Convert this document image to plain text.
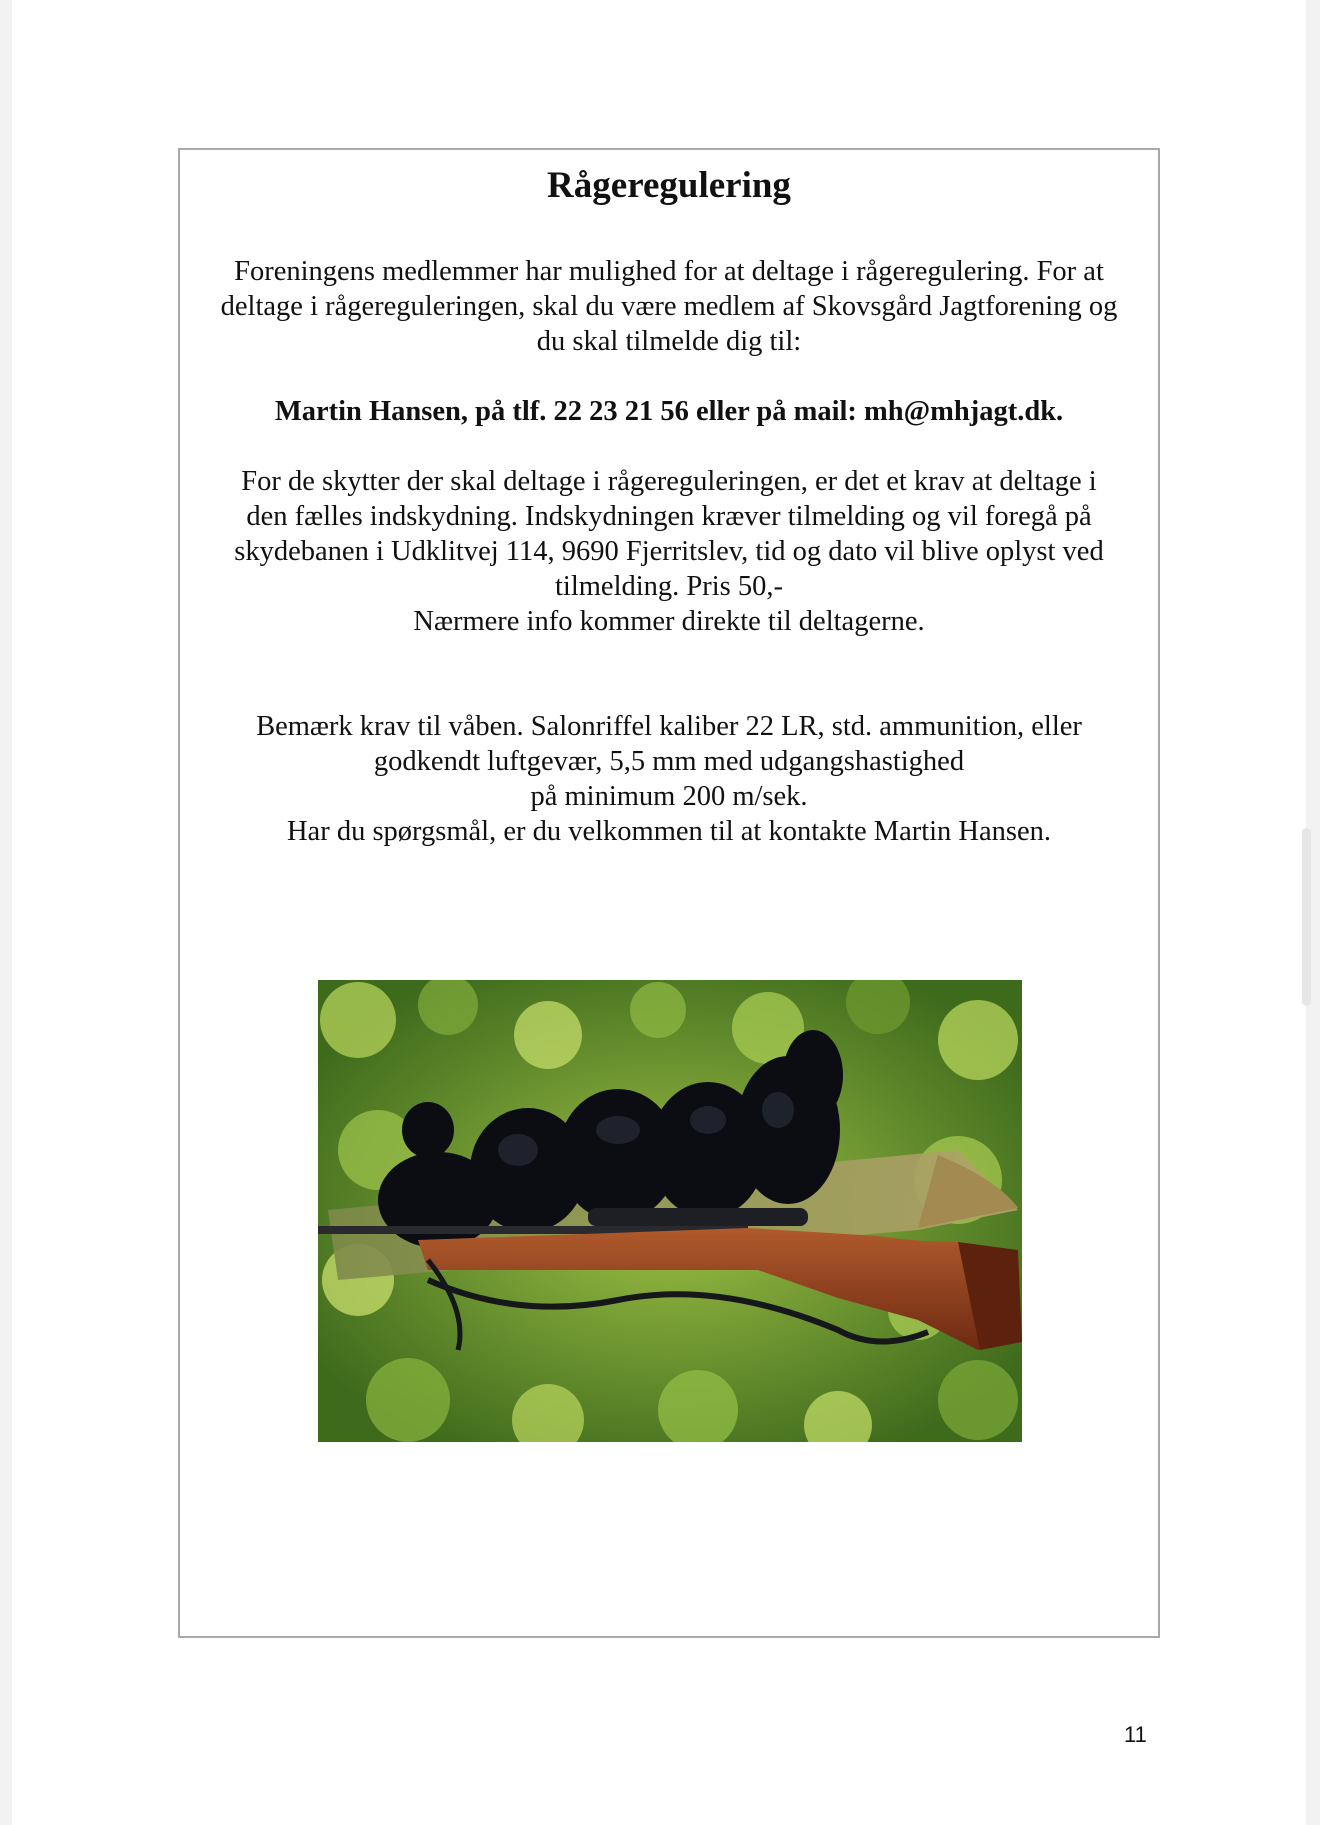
Rågeregulering
Foreningens medlemmer har mulighed for at deltage i rågeregulering. For at
deltage i rågereguleringen, skal du være medlem af Skovsgård Jagtforening og
du skal tilmelde dig til:
Martin Hansen, på tlf. 22 23 21 56 eller på mail: mh@mhjagt.dk.
For de skytter der skal deltage i rågereguleringen, er det et krav at deltage i
den fælles indskydning. Indskydningen kræver tilmelding og vil foregå på
skydebanen i Udklitvej 114, 9690 Fjerritslev, tid og dato vil blive oplyst ved
tilmelding. Pris 50,-
Nærmere info kommer direkte til deltagerne.
Bemærk krav til våben. Salonriffel kaliber 22 LR, std. ammunition, eller
godkendt luftgevær, 5,5 mm med udgangshastighed
på minimum 200 m/sek.
Har du spørgsmål, er du velkommen til at kontakte Martin Hansen.
11
